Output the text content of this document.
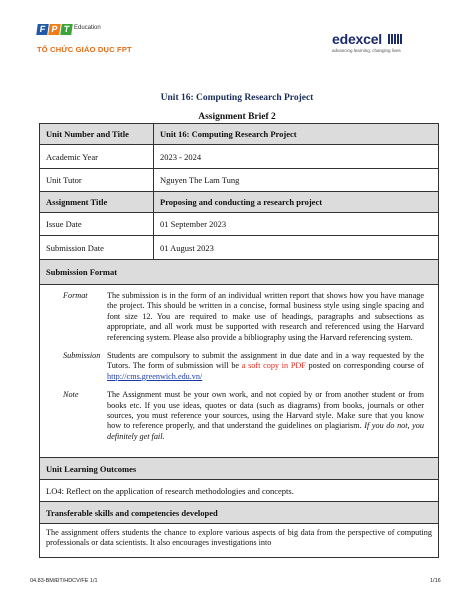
F P T Education
TỔ CHỨC GIÁO DỤC FPT
edexcel
advancing learning, changing lives
Unit 16: Computing Research Project
Assignment Brief 2
Unit Number and Title	Unit 16: Computing Research Project
Academic Year	2023 - 2024
Unit Tutor	Nguyen The Lam Tung
Assignment Title	Proposing and conducting a research project
Issue Date	01 September 2023
Submission Date	01 August 2023
Submission Format
Format	The submission is in the form of an individual written report that shows how you have manage the project. This should be written in a concise, formal business style using single spacing and font size 12. You are required to make use of headings, paragraphs and subsections as appropriate, and all work must be supported with research and referenced using the Harvard referencing system. Please also provide a bibliography using the Harvard referencing system.
Submission Students are compulsory to submit the assignment in due date and in a way requested by the Tutors. The form of submission will be a soft copy in PDF posted on corresponding course of http://cms.greenwich.edu.vn/
Note	The Assignment must be your own work, and not copied by or from another student or from books etc. If you use ideas, quotes or data (such as diagrams) from books, journals or other sources, you must reference your sources, using the Harvard style. Make sure that you know how to reference properly, and that understand the guidelines on plagiarism. If you do not, you definitely get fail.
Unit Learning Outcomes
LO4: Reflect on the application of research methodologies and concepts.
Transferable skills and competencies developed
The assignment offers students the chance to explore various aspects of big data from the perspective of computing professionals or data scientists. It also encourages investigations into
04.83-BM/ĐT/HDCV/FE 1/1	1/16
